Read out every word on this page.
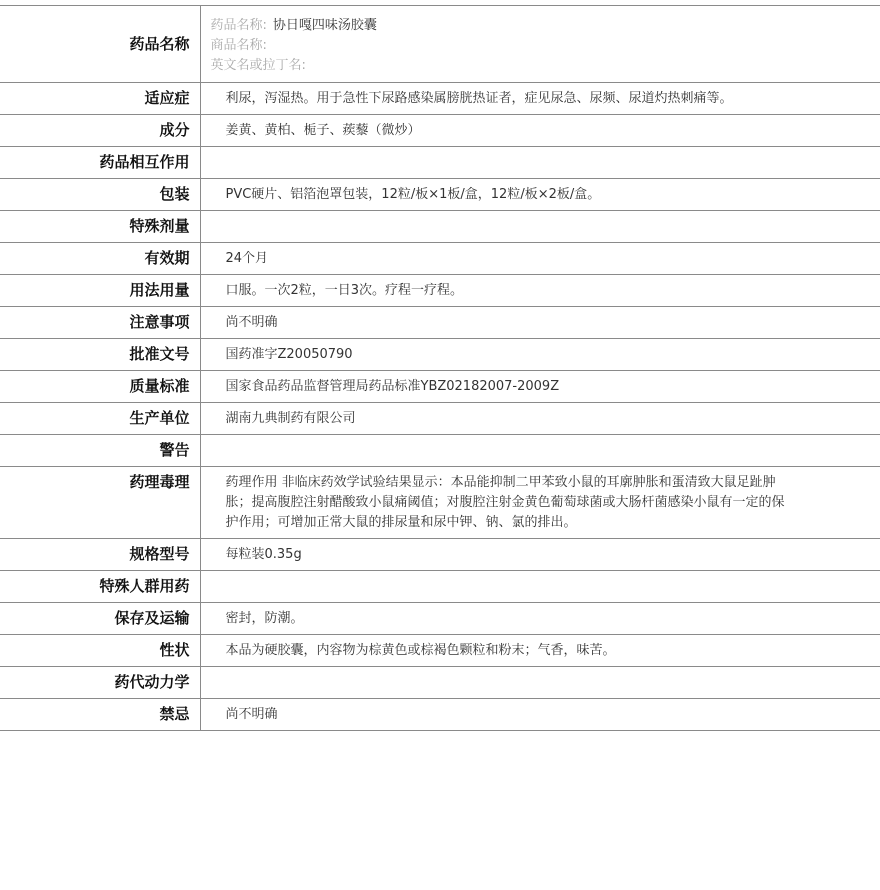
药品名称	药品名称: 协日嘎四味汤胶囊
商品名称:
英文名或拉丁名:

适应症	利尿，泻湿热。用于急性下尿路感染属膀胱热证者，症见尿急、尿频、尿道灼热刺痛等。
成分	姜黄、黄柏、栀子、蒺藜（微炒）
药品相互作用	
包装	PVC硬片、铝箔泡罩包装，12粒/板×1板/盒，12粒/板×2板/盒。
特殊剂量	
有效期	24个月
用法用量	口服。一次2粒，一日3次。疗程一疗程。
注意事项	尚不明确
批准文号	国药准字Z20050790
质量标准	国家食品药品监督管理局药品标准YBZ02182007-2009Z
生产单位	湖南九典制药有限公司
警告	
药理毒理	药理作用 非临床药效学试验结果显示：本品能抑制二甲苯致小鼠的耳廓肿胀和蛋清致大鼠足趾肿胀；提高腹腔注射醋酸致小鼠痛阈值；对腹腔注射金黄色葡萄球菌或大肠杆菌感染小鼠有一定的保护作用；可增加正常大鼠的排尿量和尿中钾、钠、氯的排出。
规格型号	每粒装0.35g
特殊人群用药	
保存及运输	密封，防潮。
性状	本品为硬胶囊，内容物为棕黄色或棕褐色颗粒和粉末；气香，味苦。
药代动力学	
禁忌	尚不明确
